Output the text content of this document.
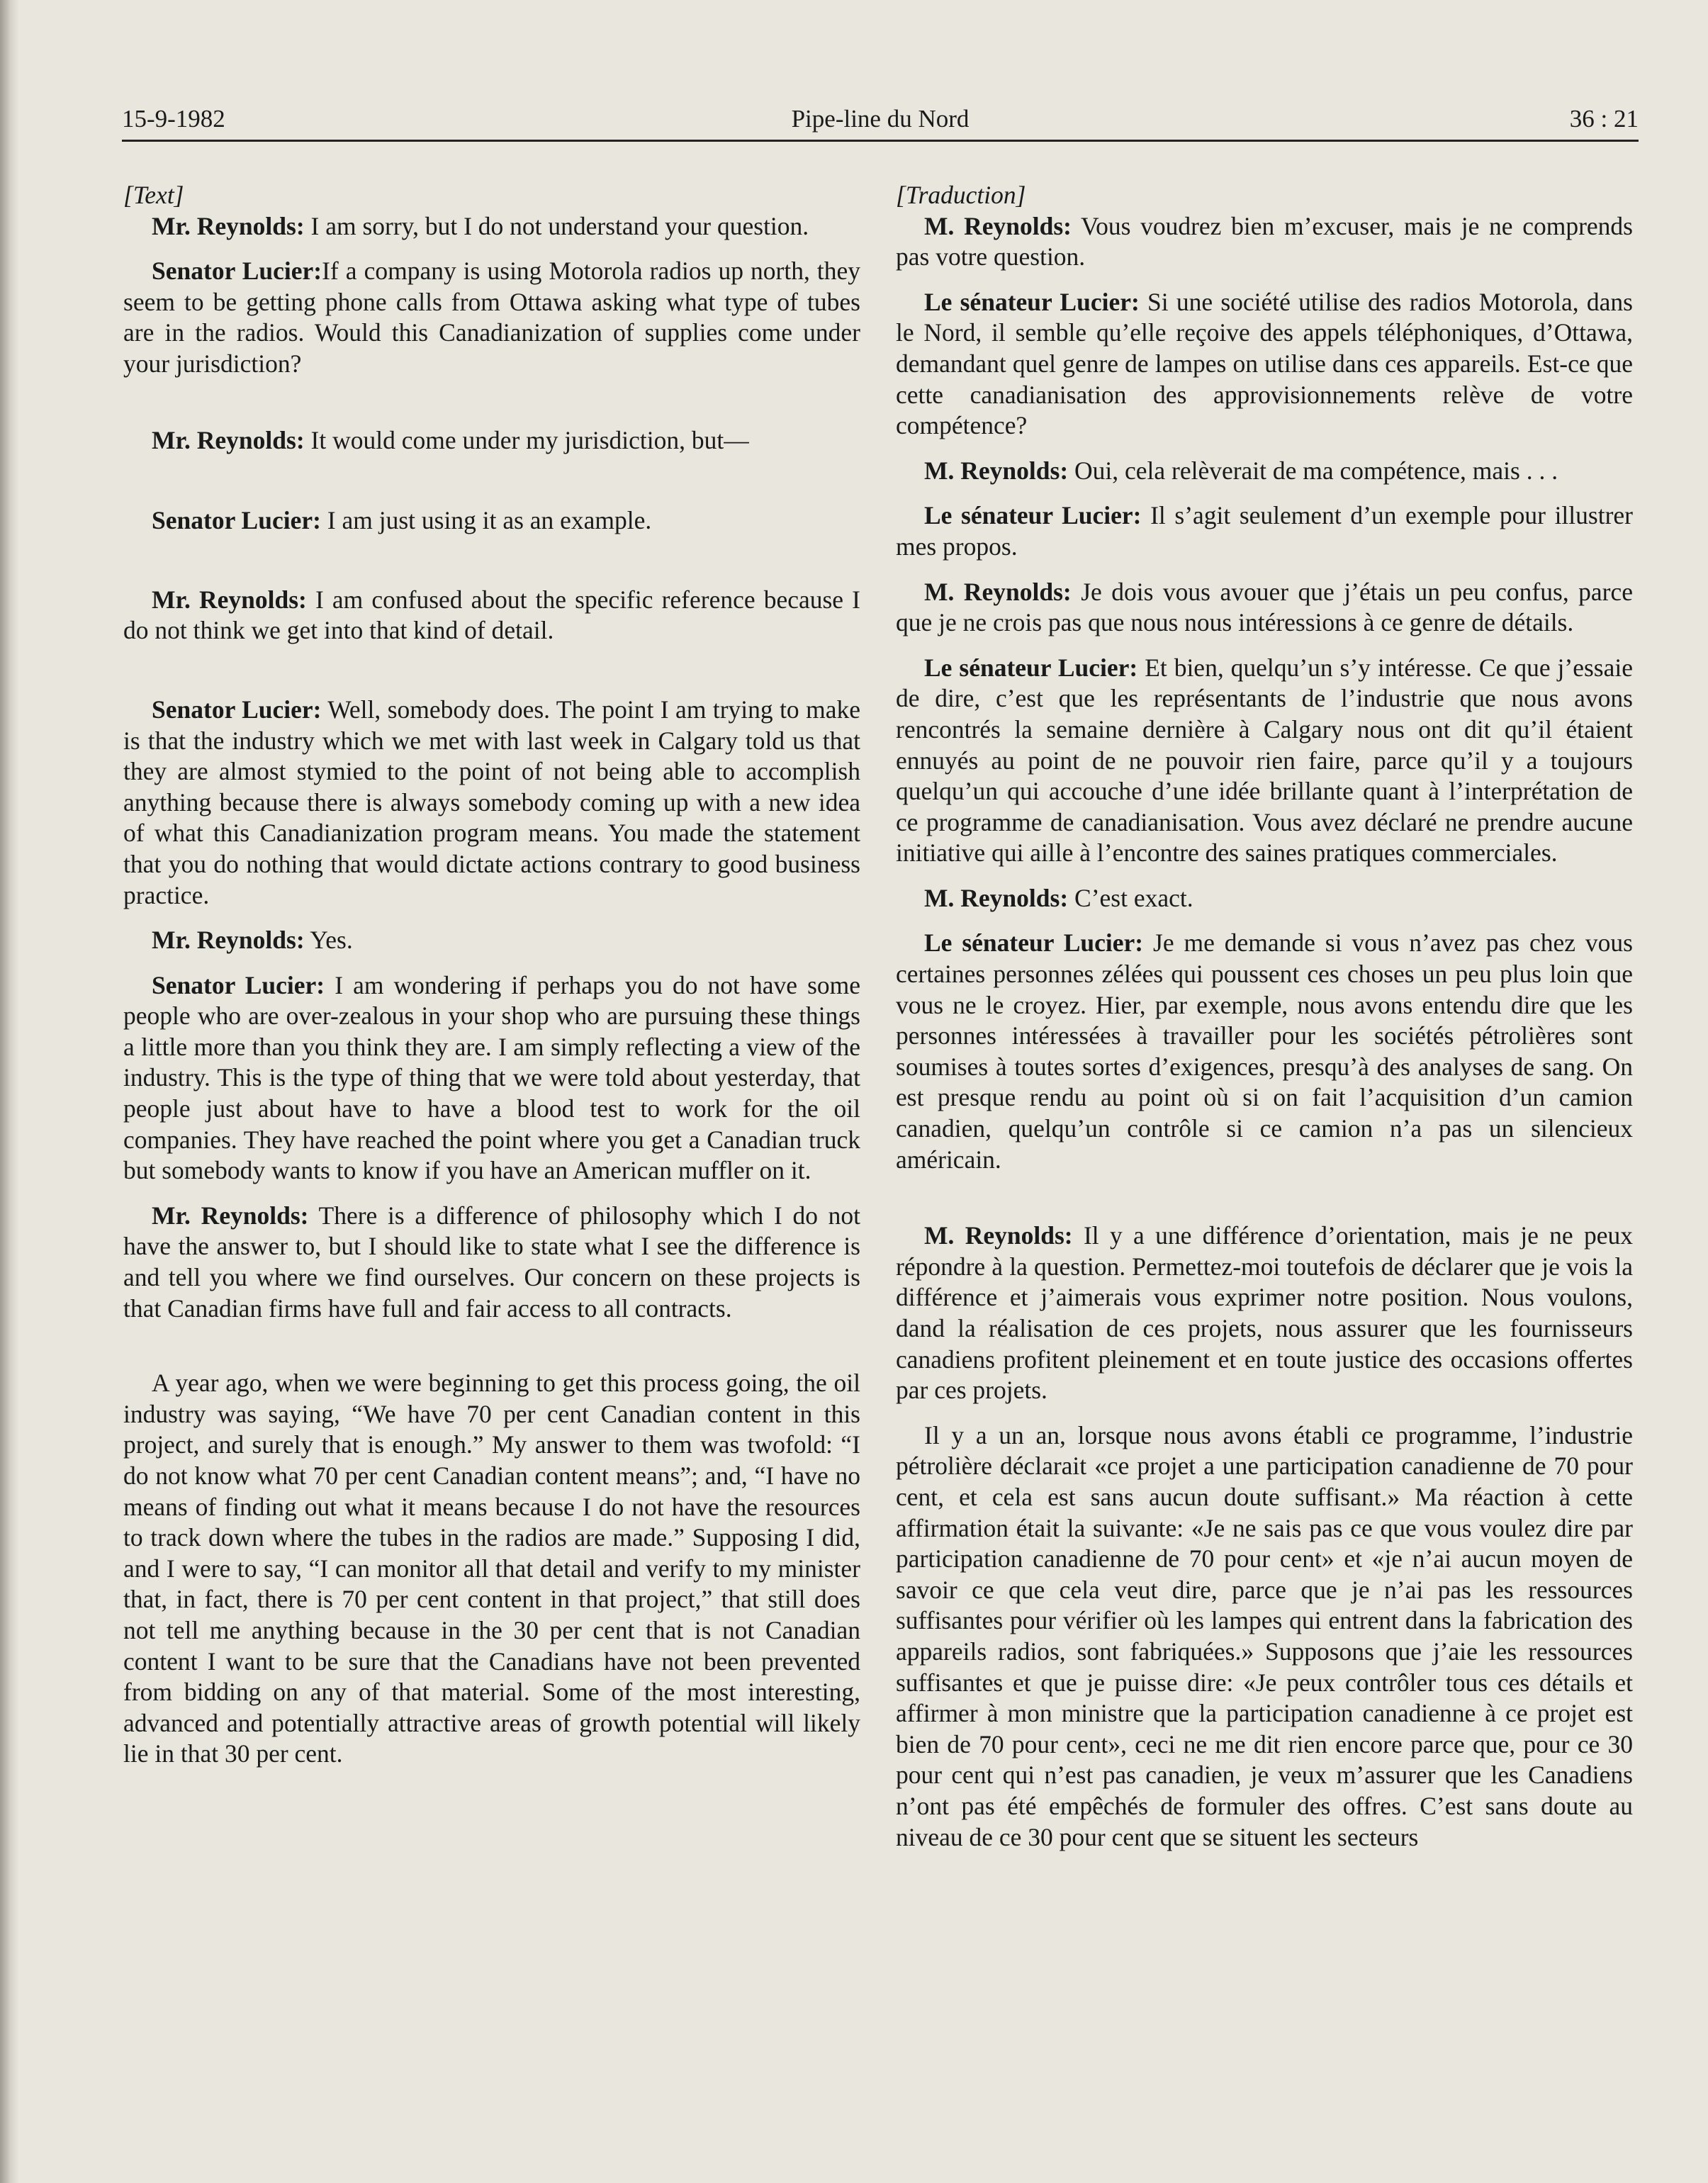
15-9-1982	Pipe-line du Nord	36 : 21

[Text]

Mr. Reynolds: I am sorry, but I do not understand your question.

Senator Lucier:If a company is using Motorola radios up north, they seem to be getting phone calls from Ottawa asking what type of tubes are in the radios. Would this Canadianization of supplies come under your jurisdiction?

Mr. Reynolds: It would come under my jurisdiction, but—

Senator Lucier: I am just using it as an example.

Mr. Reynolds: I am confused about the specific reference because I do not think we get into that kind of detail.

Senator Lucier: Well, somebody does. The point I am trying to make is that the industry which we met with last week in Calgary told us that they are almost stymied to the point of not being able to accomplish anything because there is always somebody coming up with a new idea of what this Canadianization program means. You made the statement that you do nothing that would dictate actions contrary to good business practice.

Mr. Reynolds: Yes.

Senator Lucier: I am wondering if perhaps you do not have some people who are over-zealous in your shop who are pursuing these things a little more than you think they are. I am simply reflecting a view of the industry. This is the type of thing that we were told about yesterday, that people just about have to have a blood test to work for the oil companies. They have reached the point where you get a Canadian truck but somebody wants to know if you have an American muffler on it.

Mr. Reynolds: There is a difference of philosophy which I do not have the answer to, but I should like to state what I see the difference is and tell you where we find ourselves. Our concern on these projects is that Canadian firms have full and fair access to all contracts.

A year ago, when we were beginning to get this process going, the oil industry was saying, “We have 70 per cent Canadian content in this project, and surely that is enough.” My answer to them was twofold: “I do not know what 70 per cent Canadian content means”; and, “I have no means of finding out what it means because I do not have the resources to track down where the tubes in the radios are made.” Supposing I did, and I were to say, “I can monitor all that detail and verify to my minister that, in fact, there is 70 per cent content in that project,” that still does not tell me anything because in the 30 per cent that is not Canadian content I want to be sure that the Canadians have not been prevented from bidding on any of that material. Some of the most interesting, advanced and potentially attractive areas of growth potential will likely lie in that 30 per cent.

[Traduction]

M. Reynolds: Vous voudrez bien m’excuser, mais je ne comprends pas votre question.

Le sénateur Lucier: Si une société utilise des radios Motorola, dans le Nord, il semble qu’elle reçoive des appels téléphoniques, d’Ottawa, demandant quel genre de lampes on utilise dans ces appareils. Est-ce que cette canadianisation des approvisionnements relève de votre compétence?

M. Reynolds: Oui, cela relèverait de ma compétence, mais . . .

Le sénateur Lucier: Il s’agit seulement d’un exemple pour illustrer mes propos.

M. Reynolds: Je dois vous avouer que j’étais un peu confus, parce que je ne crois pas que nous nous intéressions à ce genre de détails.

Le sénateur Lucier: Et bien, quelqu’un s’y intéresse. Ce que j’essaie de dire, c’est que les représentants de l’industrie que nous avons rencontrés la semaine dernière à Calgary nous ont dit qu’il étaient ennuyés au point de ne pouvoir rien faire, parce qu’il y a toujours quelqu’un qui accouche d’une idée brillante quant à l’interprétation de ce programme de canadianisation. Vous avez déclaré ne prendre aucune initiative qui aille à l’encontre des saines pratiques commerciales.

M. Reynolds: C’est exact.

Le sénateur Lucier: Je me demande si vous n’avez pas chez vous certaines personnes zélées qui poussent ces choses un peu plus loin que vous ne le croyez. Hier, par exemple, nous avons entendu dire que les personnes intéressées à travailler pour les sociétés pétrolières sont soumises à toutes sortes d’exigences, presqu’à des analyses de sang. On est presque rendu au point où si on fait l’acquisition d’un camion canadien, quelqu’un contrôle si ce camion n’a pas un silencieux américain.

M. Reynolds: Il y a une différence d’orientation, mais je ne peux répondre à la question. Permettez-moi toutefois de déclarer que je vois la différence et j’aimerais vous exprimer notre position. Nous voulons, dand la réalisation de ces projets, nous assurer que les fournisseurs canadiens profitent pleinement et en toute justice des occasions offertes par ces projets.

Il y a un an, lorsque nous avons établi ce programme, l’industrie pétrolière déclarait «ce projet a une participation canadienne de 70 pour cent, et cela est sans aucun doute suffisant.» Ma réaction à cette affirmation était la suivante: «Je ne sais pas ce que vous voulez dire par participation canadienne de 70 pour cent» et «je n’ai aucun moyen de savoir ce que cela veut dire, parce que je n’ai pas les ressources suffisantes pour vérifier où les lampes qui entrent dans la fabrication des appareils radios, sont fabriquées.» Supposons que j’aie les ressources suffisantes et que je puisse dire: «Je peux contrôler tous ces détails et affirmer à mon ministre que la participation canadienne à ce projet est bien de 70 pour cent», ceci ne me dit rien encore parce que, pour ce 30 pour cent qui n’est pas canadien, je veux m’assurer que les Canadiens n’ont pas été empêchés de formuler des offres. C’est sans doute au niveau de ce 30 pour cent que se situent les secteurs
